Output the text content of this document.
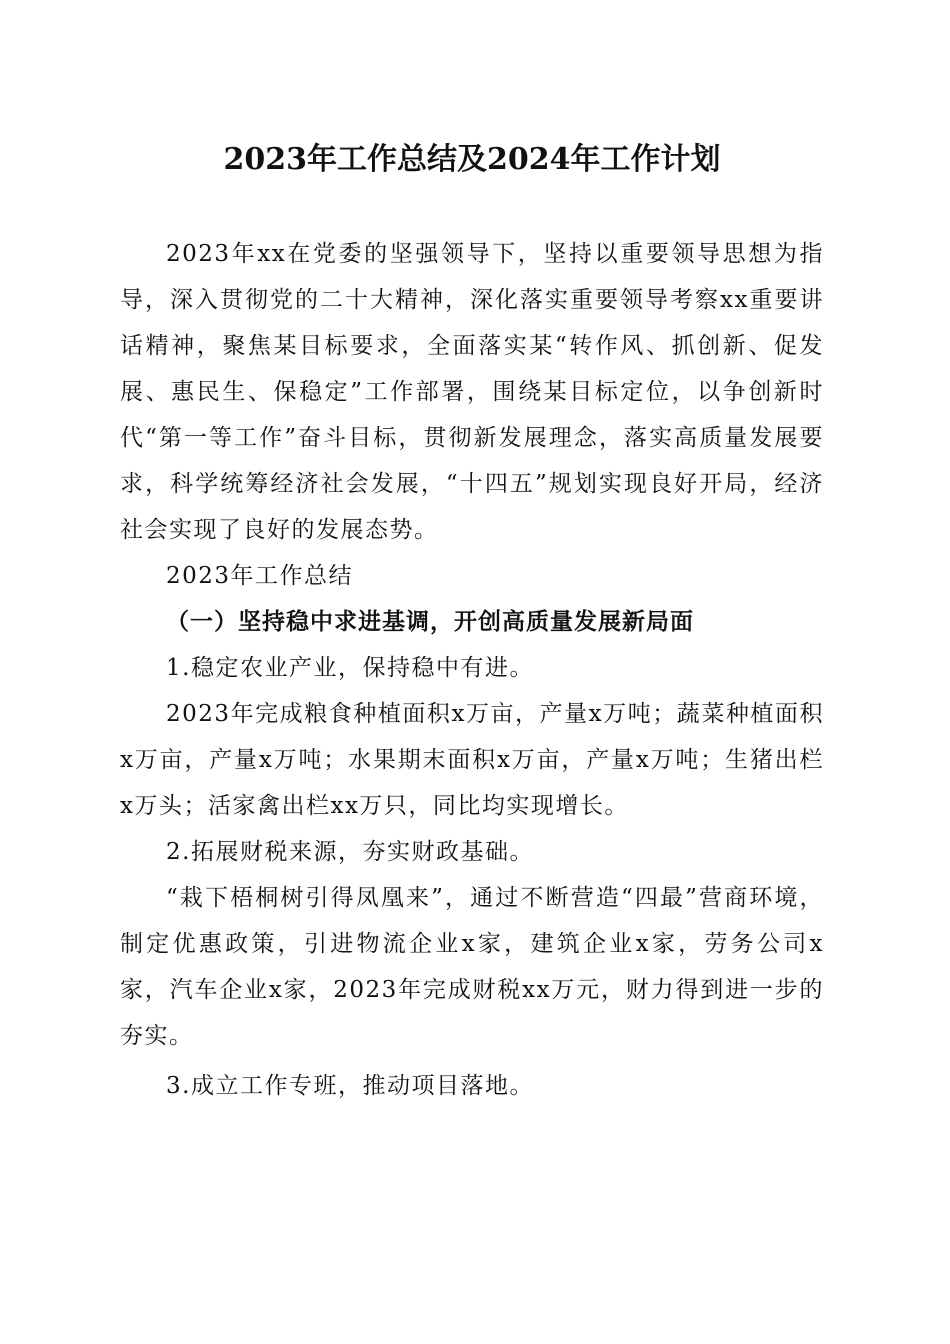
2023年工作总结及2024年工作计划

2023年xx在党委的坚强领导下，坚持以重要领导思想为指导，深入贯彻党的二十大精神，深化落实重要领导考察xx重要讲话精神，聚焦某目标要求，全面落实某“转作风、抓创新、促发展、惠民生、保稳定”工作部署，围绕某目标定位，以争创新时代“第一等工作”奋斗目标，贯彻新发展理念，落实高质量发展要求，科学统筹经济社会发展，“十四五”规划实现良好开局，经济社会实现了良好的发展态势。

2023年工作总结

（一）坚持稳中求进基调，开创高质量发展新局面

1.稳定农业产业，保持稳中有进。

2023年完成粮食种植面积x万亩，产量x万吨；蔬菜种植面积x万亩，产量x万吨；水果期末面积x万亩，产量x万吨；生猪出栏x万头；活家禽出栏xx万只，同比均实现增长。

2.拓展财税来源，夯实财政基础。

“栽下梧桐树引得凤凰来”，通过不断营造“四最”营商环境，制定优惠政策，引进物流企业x家，建筑企业x家，劳务公司x家，汽车企业x家，2023年完成财税xx万元，财力得到进一步的夯实。

3.成立工作专班，推动项目落地。
